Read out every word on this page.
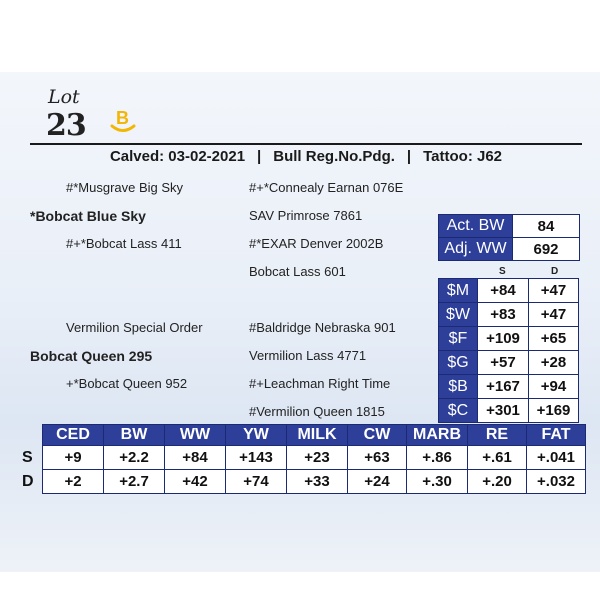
Lot
23 B
Calved: 03-02-2021 | Bull Reg.No.Pdg. | Tattoo: J62
#*Musgrave Big Sky
*Bobcat Blue Sky
#+*Bobcat Lass 411
#+*Connealy Earnan 076E
SAV Primrose 7861
#*EXAR Denver 2002B
Bobcat Lass 601
Vermilion Special Order
Bobcat Queen 295
+*Bobcat Queen 952
#Baldridge Nebraska 901
Vermilion Lass 4771
#+Leachman Right Time
#Vermilion Queen 1815
Act. BW	84
Adj. WW	692
S	D
$M	+84	+47
$W	+83	+47
$F	+109	+65
$G	+57	+28
$B	+167	+94
$C	+301	+169
	CED	BW	WW	YW	MILK	CW	MARB	RE	FAT
S	+9	+2.2	+84	+143	+23	+63	+.86	+.61	+.041
D	+2	+2.7	+42	+74	+33	+24	+.30	+.20	+.032
